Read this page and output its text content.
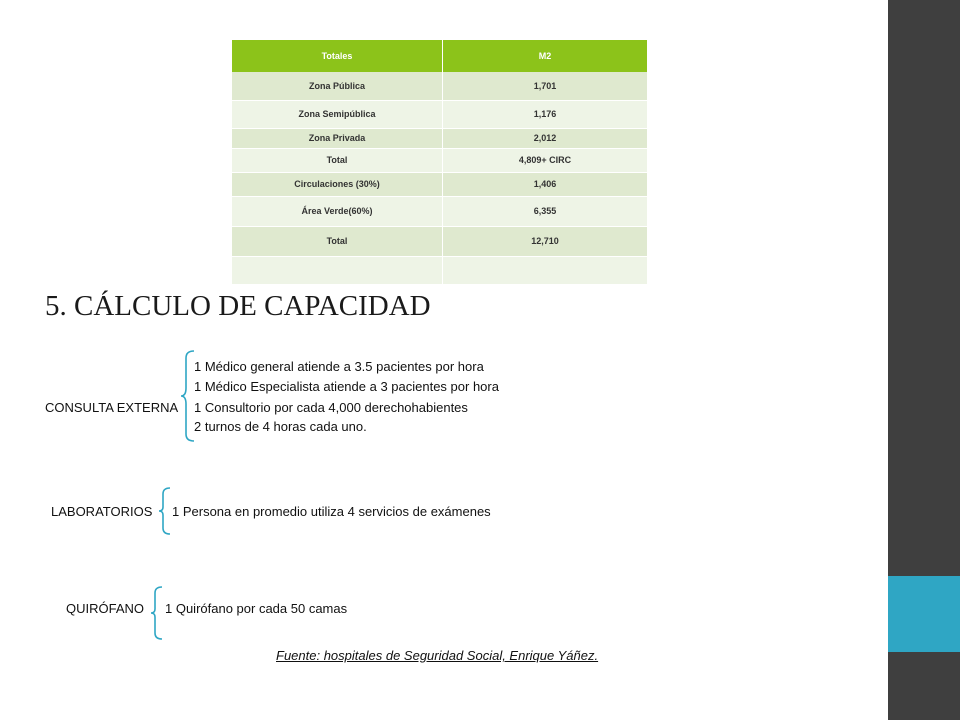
Totales	M2
Zona Pública	1,701
Zona Semipública	1,176
Zona Privada	2,012
Total	4,809+ CIRC
Circulaciones (30%)	1,406
Área Verde(60%)	6,355
Total	12,710

5. CÁLCULO DE CAPACIDAD
CONSULTA EXTERNA
1 Médico general atiende a 3.5 pacientes por hora
1 Médico Especialista atiende a 3 pacientes por hora
1 Consultorio por cada 4,000 derechohabientes
2 turnos de 4 horas cada uno.
LABORATORIOS 1 Persona en promedio utiliza 4 servicios de exámenes
QUIRÓFANO 1 Quirófano por cada 50 camas
Fuente: hospitales de Seguridad Social, Enrique Yáñez.
